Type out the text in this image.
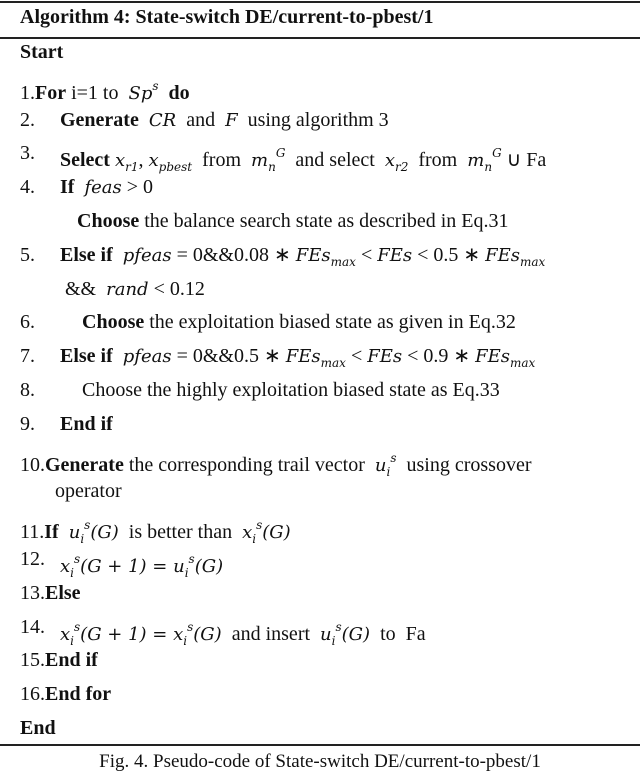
Algorithm 4: State-switch DE/current-to-pbest/1
Start
1.For i=1 to  Sp$^s$  do
2. Generate CR  and  F  using algorithm 3
3. Select $x_{r1}$, $x_{pbest}$  from  $m_n^G$  and select  $x_{r2}$  from  $m_n^G$ ∪ Fa
4. If feas > 0
Choose the balance search state as described in Eq.31
5. Else if pfeas = 0&&0.08 ∗ FEs$_{max}$ < FEs < 0.5 ∗ FEs$_{max}$
&&  rand < 0.12
6. Choose the exploitation biased state as given in Eq.32
7. Else if pfeas = 0&&0.5 ∗ FEs$_{max}$ < FEs < 0.9 ∗ FEs$_{max}$
8. Choose the highly exploitation biased state as Eq.33
9. End if
10.Generate the corresponding trail vector  $u_i^s$  using crossover
operator
11.If $u_i^s(G)$  is better than  $x_i^s(G)$
12. $x_i^s(G + 1) = u_i^s(G)$
13.Else
14. $x_i^s(G + 1) = x_i^s(G)$  and insert  $u_i^s(G)$  to  Fa
15.End if
16.End for
End
Fig. 4. Pseudo-code of State-switch DE/current-to-pbest/1
